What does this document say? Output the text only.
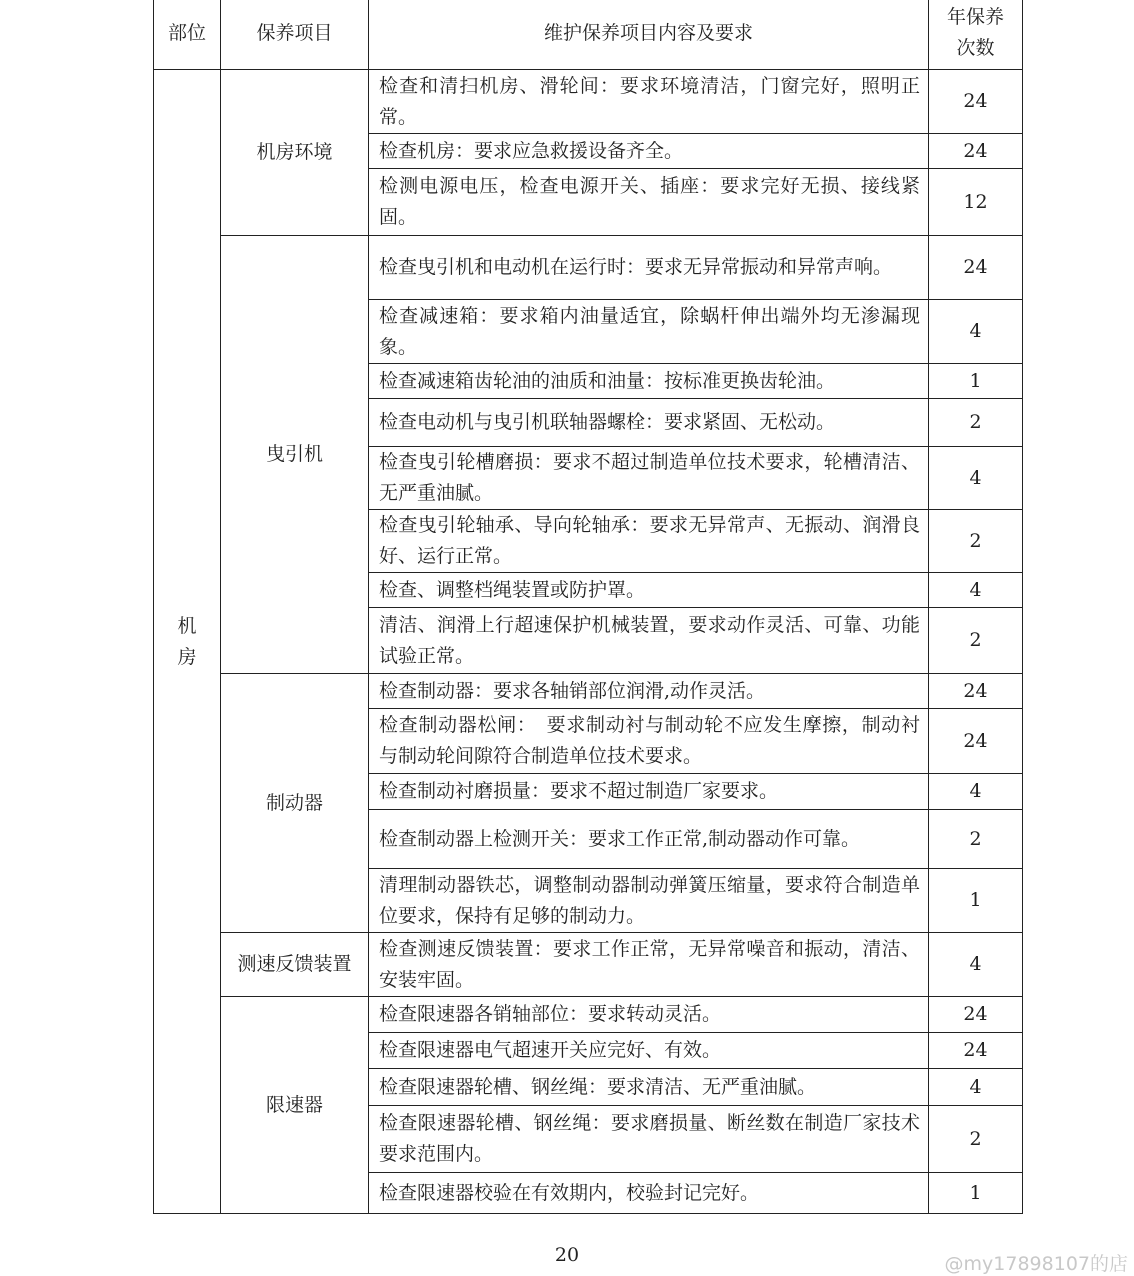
部位	保养项目	维护保养项目内容及要求	年保养
次数

机
房	机房环境	检查和清扫机房、滑轮间：要求环境清洁，门窗完好，照明正常。	24
		检查机房：要求应急救援设备齐全。	24
		检测电源电压，检查电源开关、插座：要求完好无损、接线紧固。	12
	曳引机	检查曳引机和电动机在运行时：要求无异常振动和异常声响。	24
		检查减速箱：要求箱内油量适宜，除蜗杆伸出端外均无渗漏现象。	4
		检查减速箱齿轮油的油质和油量：按标准更换齿轮油。	1
		检查电动机与曳引机联轴器螺栓：要求紧固、无松动。	2
		检查曳引轮槽磨损：要求不超过制造单位技术要求，轮槽清洁、无严重油腻。	4
		检查曳引轮轴承、导向轮轴承：要求无异常声、无振动、润滑良好、运行正常。	2
		检查、调整档绳装置或防护罩。	4
		清洁、润滑上行超速保护机械装置，要求动作灵活、可靠、功能试验正常。	2
	制动器	检查制动器：要求各轴销部位润滑,动作灵活。	24
		检查制动器松闸：　要求制动衬与制动轮不应发生摩擦，制动衬与制动轮间隙符合制造单位技术要求。	24
		检查制动衬磨损量：要求不超过制造厂家要求。	4
		检查制动器上检测开关：要求工作正常,制动器动作可靠。	2
		清理制动器铁芯，调整制动器制动弹簧压缩量，要求符合制造单位要求，保持有足够的制动力。	1
	测速反馈装置	检查测速反馈装置：要求工作正常，无异常噪音和振动，清洁、安装牢固。	4
	限速器	检查限速器各销轴部位：要求转动灵活。	24
		检查限速器电气超速开关应完好、有效。	24
		检查限速器轮槽、钢丝绳：要求清洁、无严重油腻。	4
		检查限速器轮槽、钢丝绳：要求磨损量、断丝数在制造厂家技术要求范围内。	2
		检查限速器校验在有效期内，校验封记完好。	1
20	@my17898107的店
